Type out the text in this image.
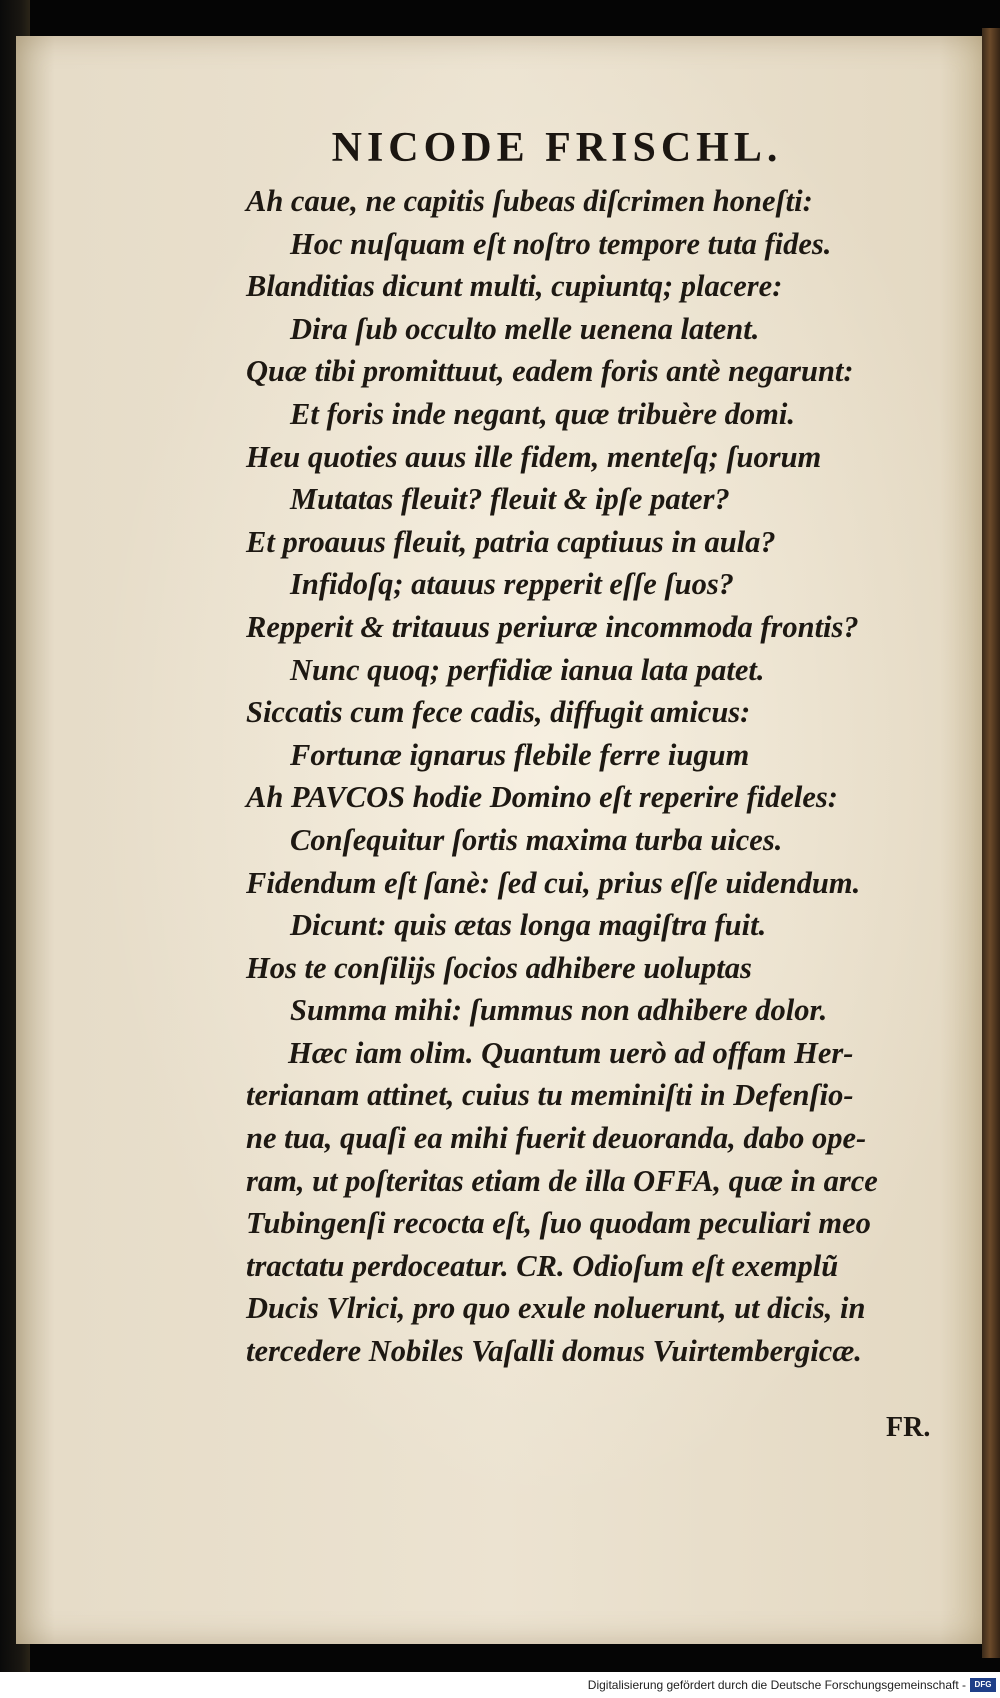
NICODE FRISCHL.
Ah caue, ne capitis ſubeas diſcrimen honeſti:
Hoc nuſquam eſt noſtro tempore tuta fides.
Blanditias dicunt multi, cupiuntq; placere:
Dira ſub occulto melle uenena latent.
Quæ tibi promittuut, eadem foris antè negarunt:
Et foris inde negant, quæ tribuère domi.
Heu quoties auus ille fidem, menteſq; ſuorum
Mutatas fleuit? fleuit & ipſe pater?
Et proauus fleuit, patria captiuus in aula?
Infidoſq; atauus repperit eſſe ſuos?
Repperit & tritauus periuræ incommoda frontis?
Nunc quoq; perfidiæ ianua lata patet.
Siccatis cum fece cadis, diffugit amicus:
Fortunæ ignarus flebile ferre iugum
Ah PAVCOS hodie Domino eſt reperire fideles:
Conſequitur ſortis maxima turba uices.
Fidendum eſt ſanè: ſed cui, prius eſſe uidendum.
Dicunt: quis ætas longa magiſtra fuit.
Hos te conſilijs ſocios adhibere uoluptas
Summa mihi: ſummus non adhibere dolor.
Hæc iam olim. Quantum uerò ad offam Her-
terianam attinet, cuius tu meminiſti in Defenſio-
ne tua, quaſi ea mihi fuerit deuoranda, dabo ope-
ram, ut poſteritas etiam de illa OFFA, quæ in arce
Tubingenſi recocta eſt, ſuo quodam peculiari meo
tractatu perdoceatur. CR. Odioſum eſt exemplũ
Ducis Vlrici, pro quo exule noluerunt, ut dicis, in
tercedere Nobiles Vaſalli domus Vuirtembergicæ.
FR.
Digitalisierung gefördert durch die Deutsche Forschungsgemeinschaft -	DFG
